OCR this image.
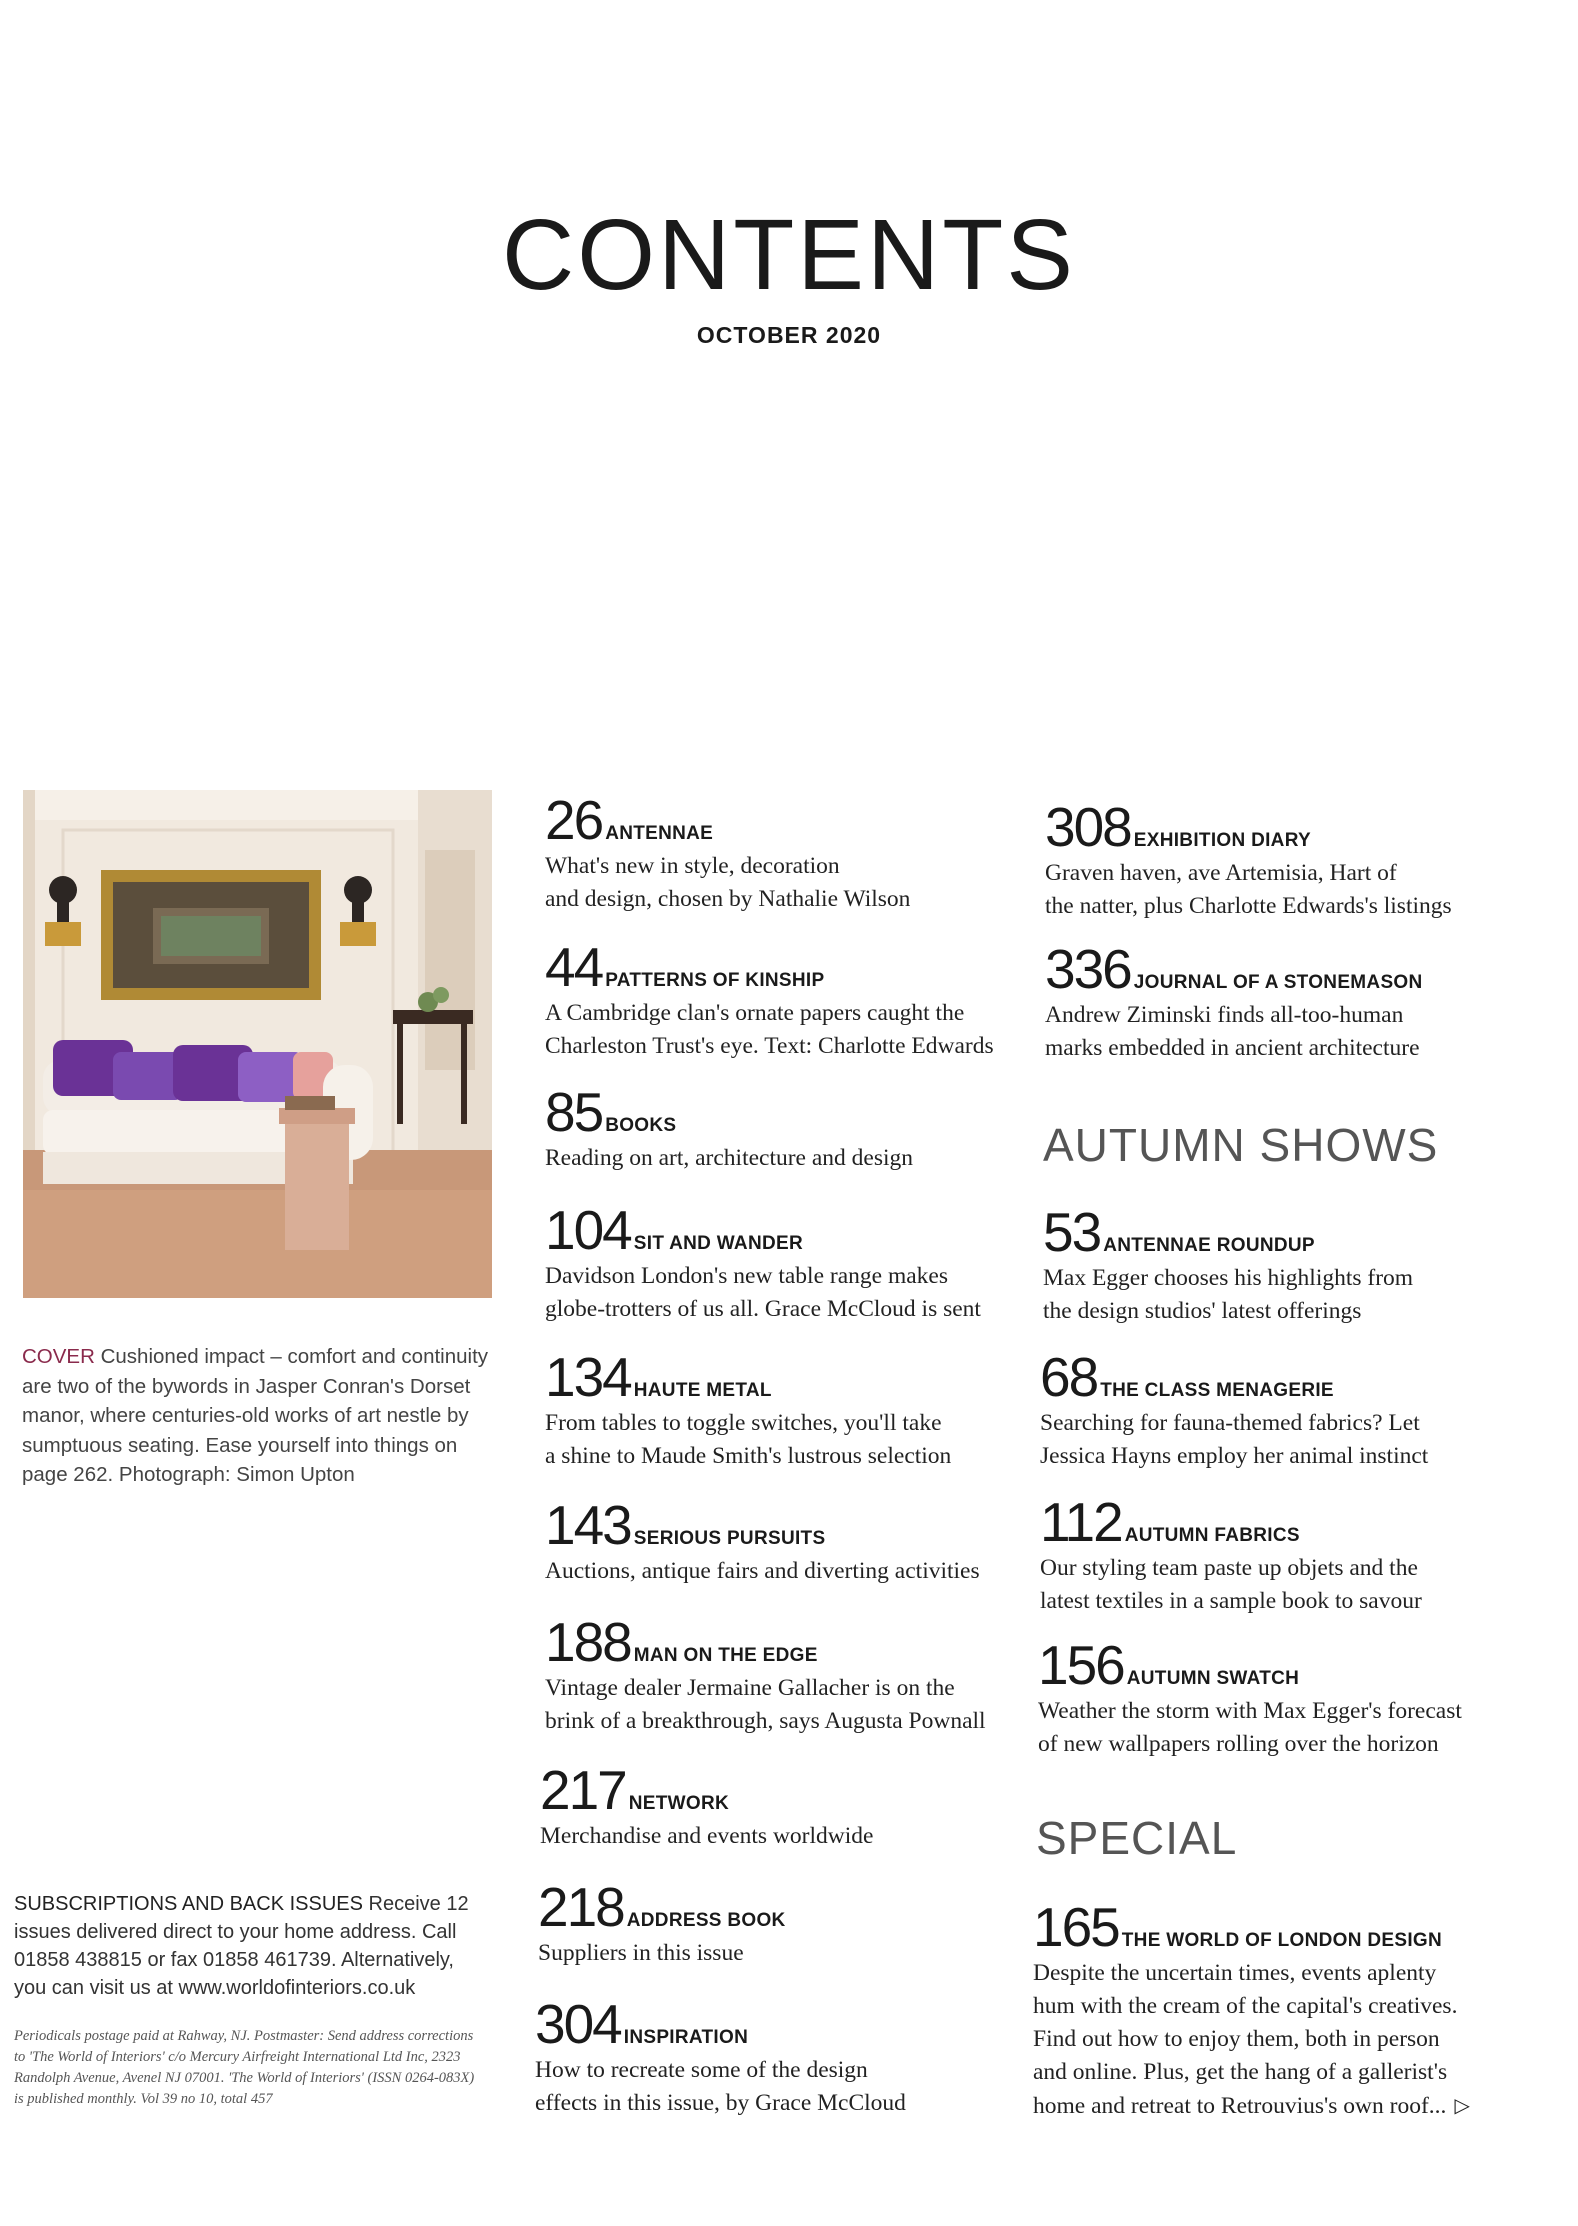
CONTENTS
OCTOBER 2020
COVER Cushioned impact – comfort and continuity are two of the bywords in Jasper Conran's Dorset manor, where centuries-old works of art nestle by sumptuous seating. Ease yourself into things on page 262. Photograph: Simon Upton
SUBSCRIPTIONS AND BACK ISSUES Receive 12 issues delivered direct to your home address. Call 01858 438815 or fax 01858 461739. Alternatively, you can visit us at www.worldofinteriors.co.uk
Periodicals postage paid at Rahway, NJ. Postmaster: Send address corrections to 'The World of Interiors' c/o Mercury Airfreight International Ltd Inc, 2323 Randolph Avenue, Avenel NJ 07001. 'The World of Interiors' (ISSN 0264-083X) is published monthly. Vol 39 no 10, total 457
26 ANTENNAE
What's new in style, decoration
and design, chosen by Nathalie Wilson
44 PATTERNS OF KINSHIP
A Cambridge clan's ornate papers caught the
Charleston Trust's eye. Text: Charlotte Edwards
85 BOOKS
Reading on art, architecture and design
104 SIT AND WANDER
Davidson London's new table range makes
globe-trotters of us all. Grace McCloud is sent
134 HAUTE METAL
From tables to toggle switches, you'll take
a shine to Maude Smith's lustrous selection
143 SERIOUS PURSUITS
Auctions, antique fairs and diverting activities
188 MAN ON THE EDGE
Vintage dealer Jermaine Gallacher is on the
brink of a breakthrough, says Augusta Pownall
217 NETWORK
Merchandise and events worldwide
218 ADDRESS BOOK
Suppliers in this issue
304 INSPIRATION
How to recreate some of the design
effects in this issue, by Grace McCloud
308 EXHIBITION DIARY
Graven haven, ave Artemisia, Hart of
the natter, plus Charlotte Edwards's listings
336 JOURNAL OF A STONEMASON
Andrew Ziminski finds all-too-human
marks embedded in ancient architecture
AUTUMN SHOWS
53 ANTENNAE ROUNDUP
Max Egger chooses his highlights from
the design studios' latest offerings
68 THE CLASS MENAGERIE
Searching for fauna-themed fabrics? Let
Jessica Hayns employ her animal instinct
112 AUTUMN FABRICS
Our styling team paste up objets and the
latest textiles in a sample book to savour
156 AUTUMN SWATCH
Weather the storm with Max Egger's forecast
of new wallpapers rolling over the horizon
SPECIAL
165 THE WORLD OF LONDON DESIGN
Despite the uncertain times, events aplenty
hum with the cream of the capital's creatives.
Find out how to enjoy them, both in person
and online. Plus, get the hang of a gallerist's
home and retreat to Retrouvius's own roof... ▷
